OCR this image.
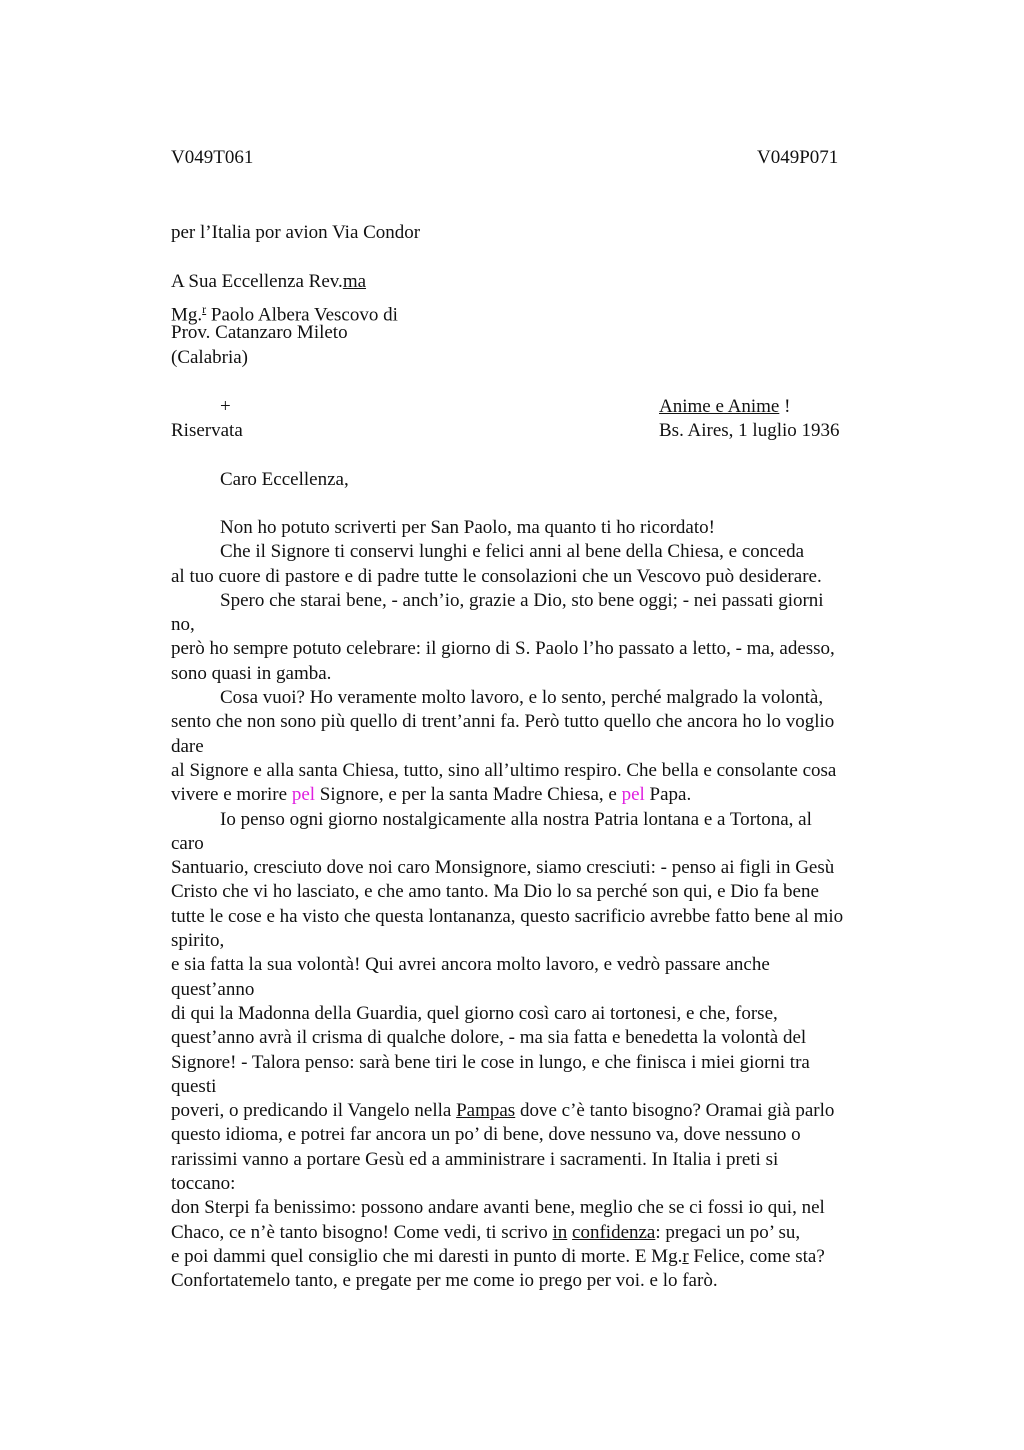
V049T061	V049P071
per l’Italia por avion Via Condor
A Sua Eccellenza Rev.ma
Mg.$^r$ Paolo Albera Vescovo di
Prov. Catanzaro Mileto
(Calabria)
+	Anime e Anime !
Riservata	Bs. Aires, 1 luglio 1936
Caro Eccellenza,
Non ho potuto scriverti per San Paolo, ma quanto ti ho ricordato!
Che il Signore ti conservi lunghi e felici anni al bene della Chiesa, e conceda
al tuo cuore di pastore e di padre tutte le consolazioni che un Vescovo può desiderare.
Spero che starai bene, - anch’io, grazie a Dio, sto bene oggi; - nei passati giorni
no,
però ho sempre potuto celebrare: il giorno di S. Paolo l’ho passato a letto, - ma, adesso,
sono quasi in gamba.
Cosa vuoi? Ho veramente molto lavoro, e lo sento, perché malgrado la volontà,
sento che non sono più quello di trent’anni fa. Però tutto quello che ancora ho lo voglio
dare
al Signore e alla santa Chiesa, tutto, sino all’ultimo respiro. Che bella e consolante cosa
vivere e morire pel Signore, e per la santa Madre Chiesa, e pel Papa.
Io penso ogni giorno nostalgicamente alla nostra Patria lontana e a Tortona, al
caro
Santuario, cresciuto dove noi caro Monsignore, siamo cresciuti: - penso ai figli in Gesù
Cristo che vi ho lasciato, e che amo tanto. Ma Dio lo sa perché son qui, e Dio fa bene
tutte le cose e ha visto che questa lontananza, questo sacrificio avrebbe fatto bene al mio
spirito,
e sia fatta la sua volontà! Qui avrei ancora molto lavoro, e vedrò passare anche
quest’anno
di qui la Madonna della Guardia, quel giorno così caro ai tortonesi, e che, forse,
quest’anno avrà il crisma di qualche dolore, - ma sia fatta e benedetta la volontà del
Signore! - Talora penso: sarà bene tiri le cose in lungo, e che finisca i miei giorni tra
questi
poveri, o predicando il Vangelo nella Pampas dove c’è tanto bisogno? Oramai già parlo
questo idioma, e potrei far ancora un po’ di bene, dove nessuno va, dove nessuno o
rarissimi vanno a portare Gesù ed a amministrare i sacramenti. In Italia i preti si
toccano:
don Sterpi fa benissimo: possono andare avanti bene, meglio che se ci fossi io qui, nel
Chaco, ce n’è tanto bisogno! Come vedi, ti scrivo in confidenza: pregaci un po’ su,
e poi dammi quel consiglio che mi daresti in punto di morte. E Mg.r Felice, come sta?
Confortatemelo tanto, e pregate per me come io prego per voi. e lo farò.
